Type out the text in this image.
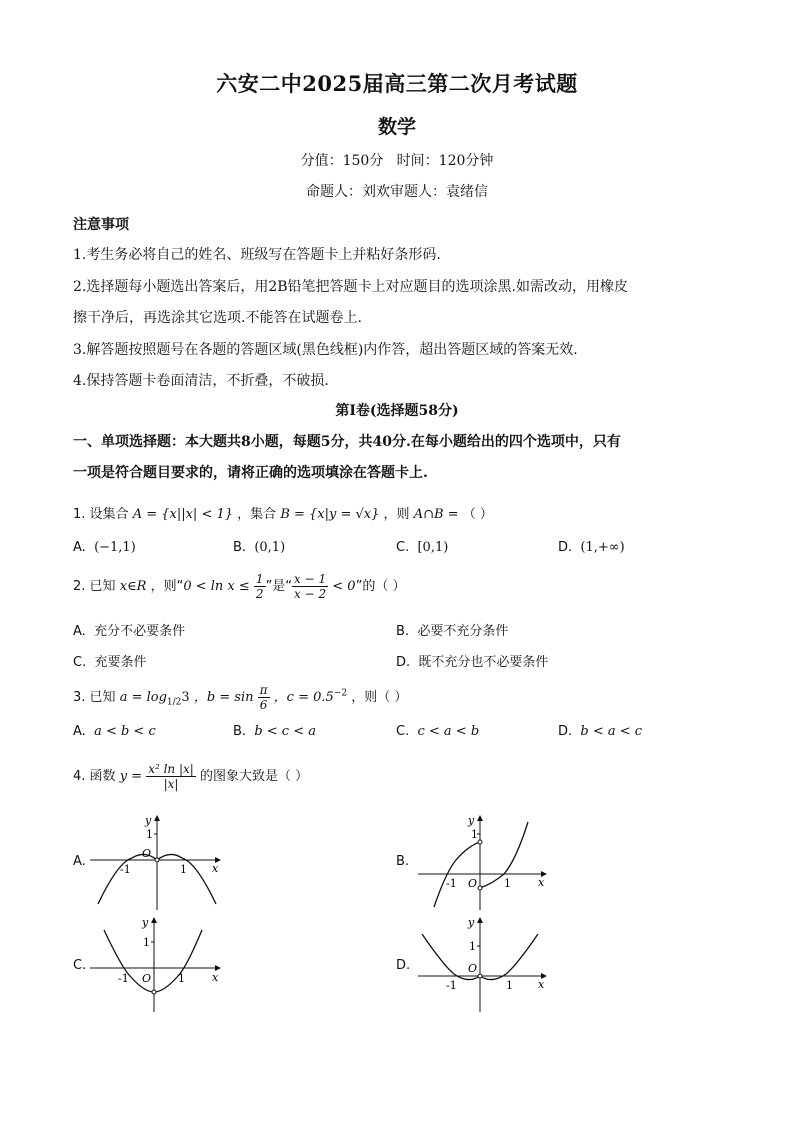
六安二中2025届高三第二次月考试题
数学
分值：150分   时间：120分钟
命题人：刘欢审题人：袁绪信
注意事项
1.考生务必将自己的姓名、班级写在答题卡上并粘好条形码.
2.选择题每小题选出答案后，用2B铅笔把答题卡上对应题目的选项涂黑.如需改动，用橡皮
擦干净后，再选涂其它选项.不能答在试题卷上.
3.解答题按照题号在各题的答题区域(黑色线框)内作答，超出答题区域的答案无效.
4.保持答题卡卷面清洁，不折叠，不破损.
第Ⅰ卷(选择题58分)
一、单项选择题：本大题共8小题，每题5分，共40分.在每小题给出的四个选项中，只有
一项是符合题目要求的，请将正确的选项填涂在答题卡上.
1. 设集合 A = {x||x| < 1} ，集合 B = {x|y = √x} ，则 A∩B = （ ）
A. (−1,1)	B. (0,1)	C. [0,1)	D. (1,+∞)
2. 已知 x∈R ，则“$0 < \ln x \le \frac{1}{2}$ ”是“ $\frac{x - 1}{x - 2} < 0$”的（ ）
A. 充分不必要条件	B. 必要不充分条件
C. 充要条件	D. 既不充分也不必要条件
3. 已知 $a = \log_{1/2}3$ ，$b = \sin \frac{\pi}{6}$ ，$c = 0.5^{-2}$ ，则（ ）
A. a < b < c	B. b < c < a	C. c < a < b	D. b < a < c
4. 函数 $y = \frac{\text{x² ln |x|}}{|x|}$ 的图象大致是（ ）
A.	B.
C.	D.
1
O
-1	1 x
y
1
O
-1	1 x
y
1
O
-1	1 x
y
1
O
-1	1 x
y
